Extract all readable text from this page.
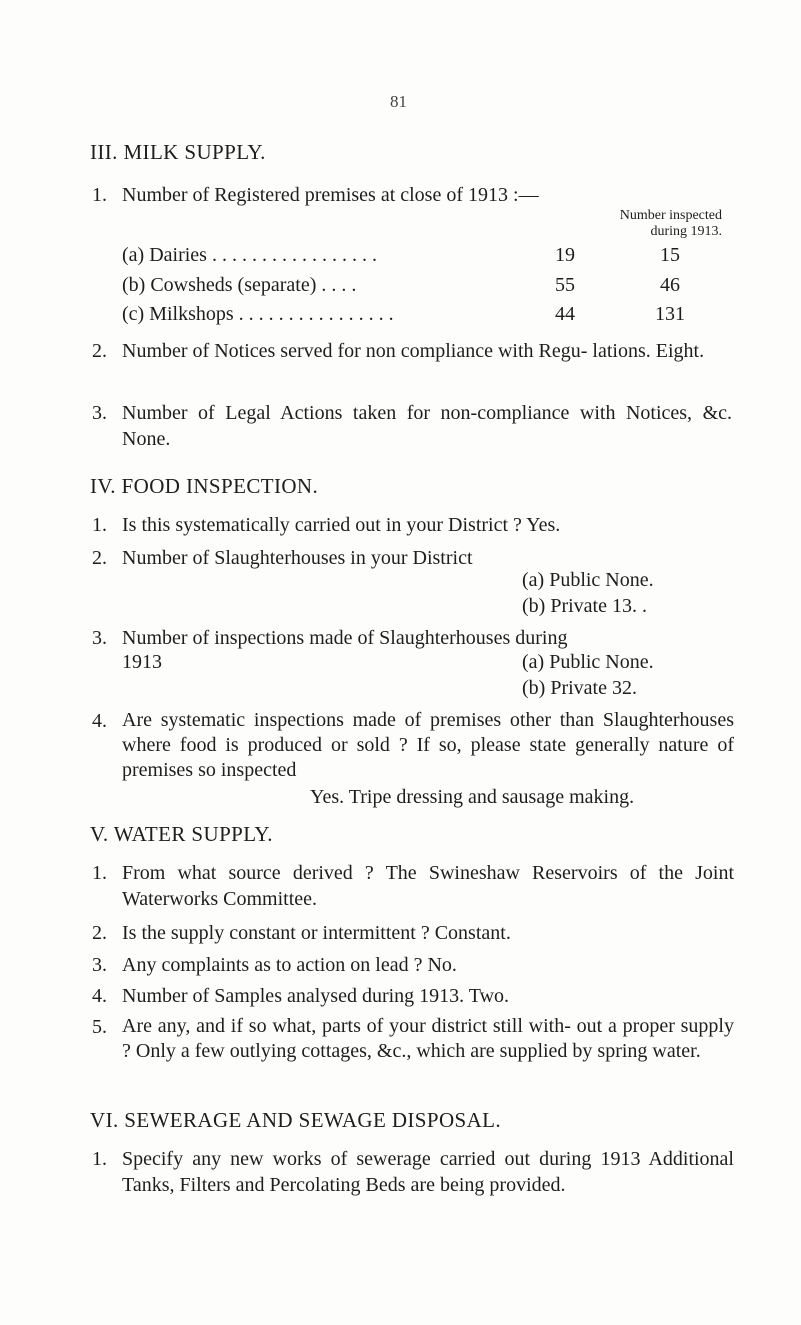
81
III. MILK SUPPLY.
1. Number of Registered premises at close of 1913 :—
Number inspected
during 1913.
(a) Dairies . . . . . . . . . . . . . . . . .	19	15
(b) Cowsheds (separate) . . . .	55	46
(c) Milkshops . . . . . . . . . . . . . . . .	44	131
2. Number of Notices served for non compliance with Regu- lations. Eight.
3. Number of Legal Actions taken for non-compliance with Notices, &c. None.
IV. FOOD INSPECTION.
1. Is this systematically carried out in your District ? Yes.
2. Number of Slaughterhouses in your District
(a) Public None.
(b) Private 13. .
3. Number of inspections made of Slaughterhouses during
1913	(a) Public None.
(b) Private 32.
4. Are systematic inspections made of premises other than Slaughterhouses where food is produced or sold ? If so, please state generally nature of premises so inspected
Yes. Tripe dressing and sausage making.
V. WATER SUPPLY.
1. From what source derived ? The Swineshaw Reservoirs of the Joint Waterworks Committee.
2. Is the supply constant or intermittent ? Constant.
3. Any complaints as to action on lead ? No.
4. Number of Samples analysed during 1913. Two.
5. Are any, and if so what, parts of your district still with- out a proper supply ? Only a few outlying cottages, &c., which are supplied by spring water.
VI. SEWERAGE AND SEWAGE DISPOSAL.
1. Specify any new works of sewerage carried out during 1913 Additional Tanks, Filters and Percolating Beds are being provided.
